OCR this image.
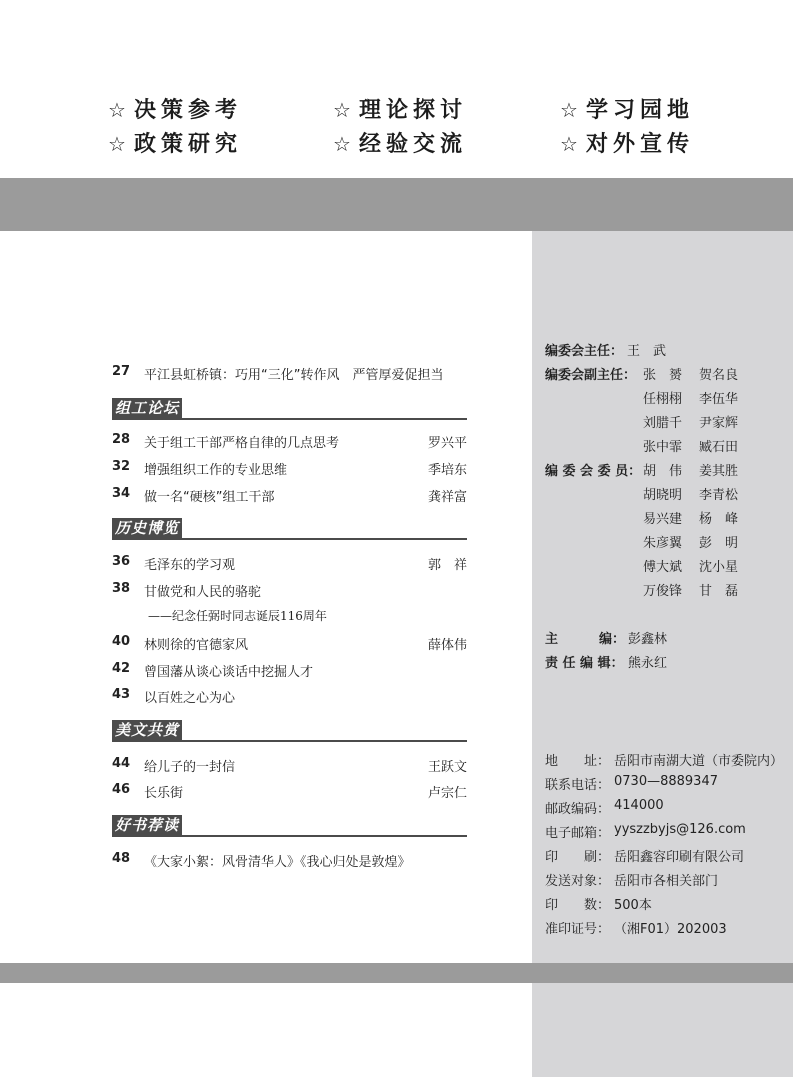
☆ 决策参考	☆ 理论探讨	☆ 学习园地
☆ 政策研究	☆ 经验交流	☆ 对外宣传
27	平江县虹桥镇：巧用“三化”转作风　严管厚爱促担当
组工论坛
28	关于组工干部严格自律的几点思考	罗兴平
32	增强组织工作的专业思维	季培东
34	做一名“硬核”组工干部	龚祥富
历史博览
36	毛泽东的学习观	郭　祥
38	甘做党和人民的骆驼
——纪念任弼时同志诞辰116周年
40	林则徐的官德家风	薛体伟
42	曾国藩从谈心谈话中挖掘人才
43	以百姓之心为心
美文共赏
44	给儿子的一封信	王跃文
46	长乐街	卢宗仁
好书荐读
48	《大家小絮：风骨清华人》《我心归处是敦煌》
编委会主任： 王　武
编委会副主任： 张　赟 贺名良
任栩栩 李伍华
刘腊千 尹家辉
张中霏 臧石田
编 委 会 委 员： 胡　伟 姜其胜
胡晓明 李青松
易兴建 杨　峰
朱彦翼 彭　明
傅大斌 沈小星
万俊锋 甘　磊
主	编： 彭鑫林
责 任 编 辑： 熊永红
地　　址： 岳阳市南湖大道（市委院内）
联系电话： 0730—8889347
邮政编码： 414000
电子邮箱： yyszzbyjs@126.com
印　　刷： 岳阳鑫容印刷有限公司
发送对象： 岳阳市各相关部门
印　　数： 500本
准印证号： （湘F01）202003
